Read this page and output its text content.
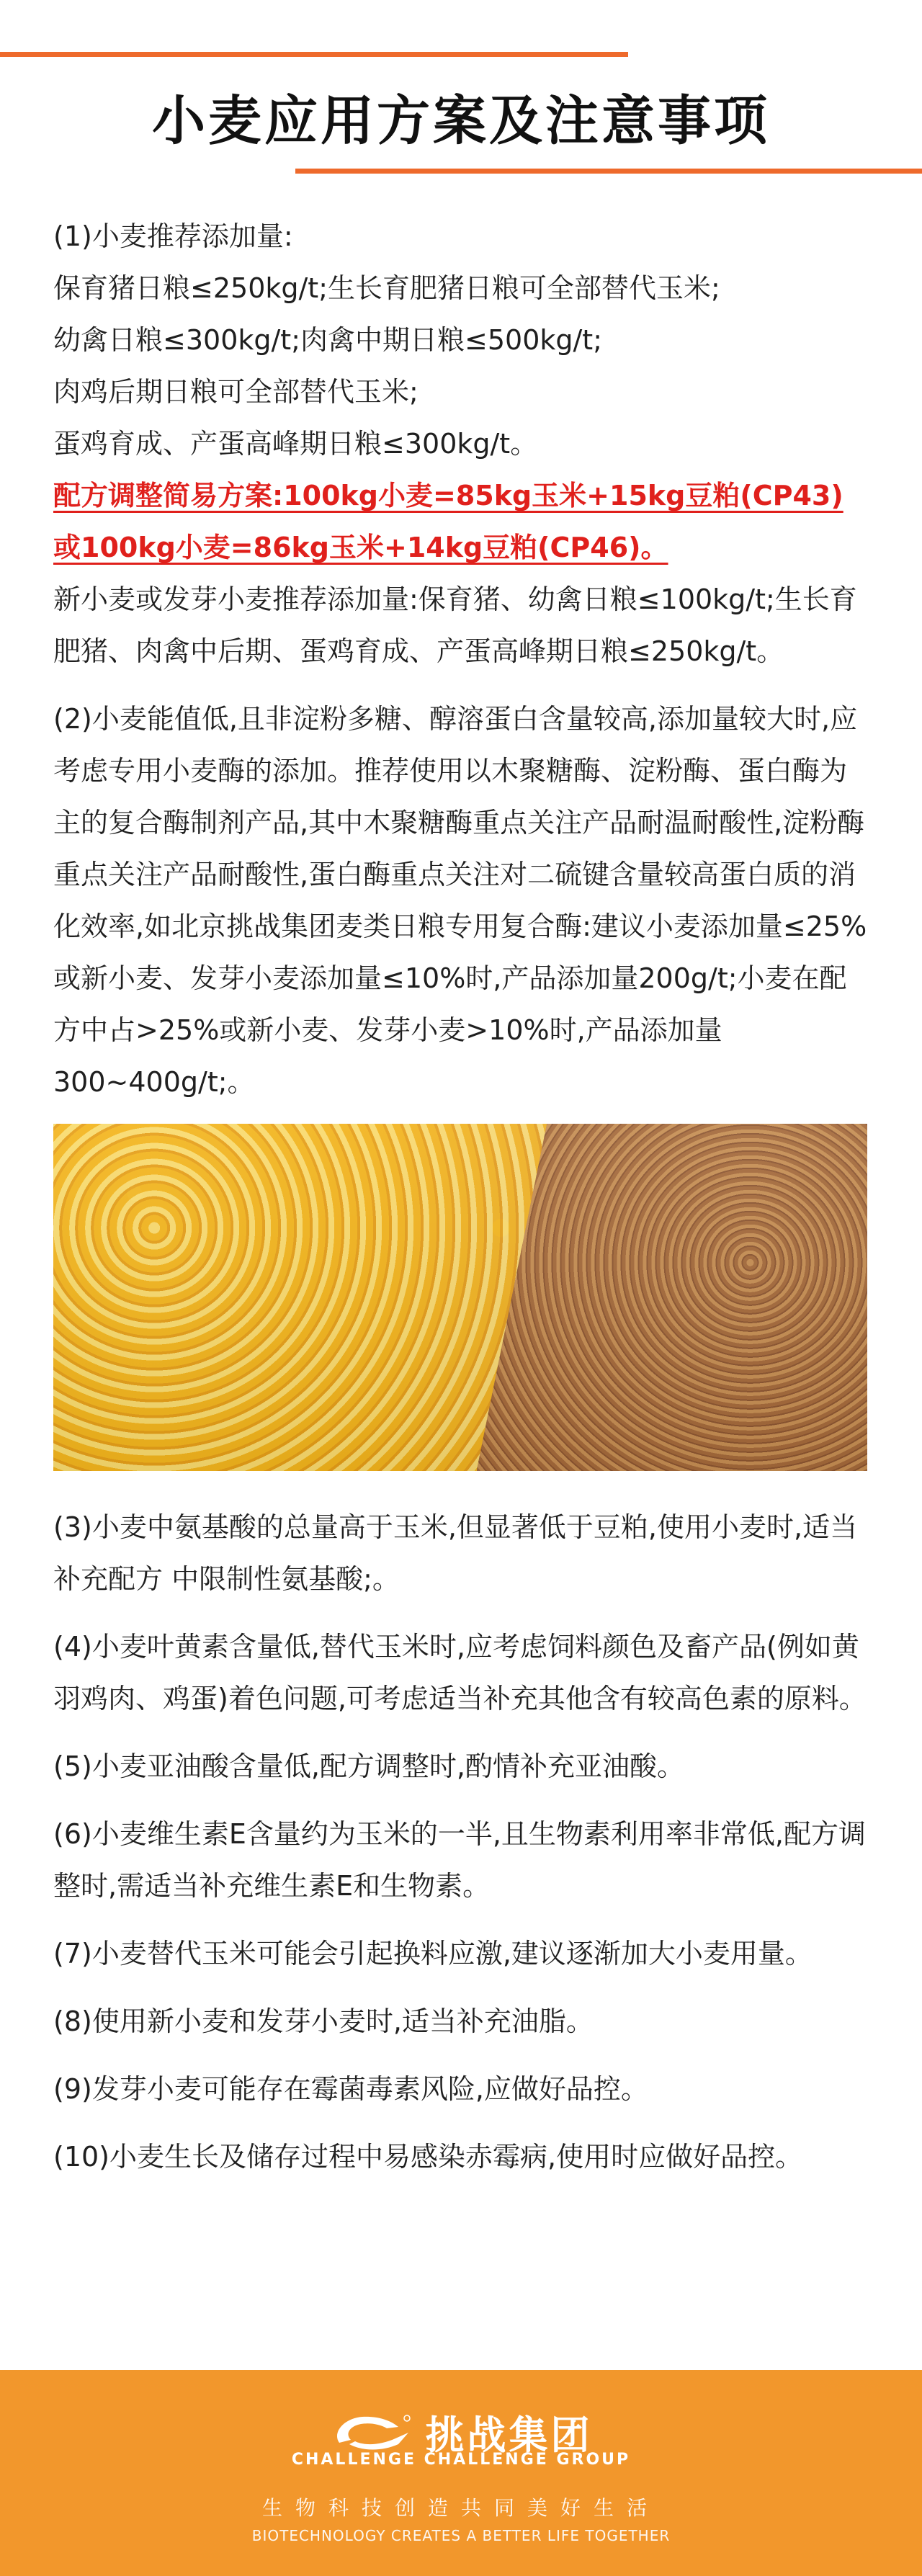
小麦应用方案及注意事项

(1)小麦推荐添加量:

保育猪日粮≤250kg/t;生长育肥猪日粮可全部替代玉米;

幼禽日粮≤300kg/t;肉禽中期日粮≤500kg/t;

肉鸡后期日粮可全部替代玉米;

蛋鸡育成、产蛋高峰期日粮≤300kg/t。

配方调整简易方案:100kg小麦=85kg玉米+15kg豆粕(CP43)

或100kg小麦=86kg玉米+14kg豆粕(CP46)。

新小麦或发芽小麦推荐添加量:保育猪、幼禽日粮≤100kg/t;生长育肥猪、肉禽中后期、蛋鸡育成、产蛋高峰期日粮≤250kg/t。

(2)小麦能值低,且非淀粉多糖、醇溶蛋白含量较高,添加量较大时,应考虑专用小麦酶的添加。推荐使用以木聚糖酶、淀粉酶、蛋白酶为主的复合酶制剂产品,其中木聚糖酶重点关注产品耐温耐酸性,淀粉酶重点关注产品耐酸性,蛋白酶重点关注对二硫键含量较高蛋白质的消化效率,如北京挑战集团麦类日粮专用复合酶:建议小麦添加量≤25%或新小麦、发芽小麦添加量≤10%时,产品添加量200g/t;小麦在配方中占>25%或新小麦、发芽小麦>10%时,产品添加量300~400g/t;。

(3)小麦中氨基酸的总量高于玉米,但显著低于豆粕,使用小麦时,适当补充配方 中限制性氨基酸;。

(4)小麦叶黄素含量低,替代玉米时,应考虑饲料颜色及畜产品(例如黄羽鸡肉、鸡蛋)着色问题,可考虑适当补充其他含有较高色素的原料。

(5)小麦亚油酸含量低,配方调整时,酌情补充亚油酸。

(6)小麦维生素E含量约为玉米的一半,且生物素利用率非常低,配方调整时,需适当补充维生素E和生物素。

(7)小麦替代玉米可能会引起换料应激,建议逐渐加大小麦用量。

(8)使用新小麦和发芽小麦时,适当补充油脂。

(9)发芽小麦可能存在霉菌毒素风险,应做好品控。

(10)小麦生长及储存过程中易感染赤霉病,使用时应做好品控。

挑战集团
CHALLENGE CHALLENGE GROUP
生物科技创造共同美好生活
BIOTECHNOLOGY CREATES A BETTER LIFE TOGETHER
